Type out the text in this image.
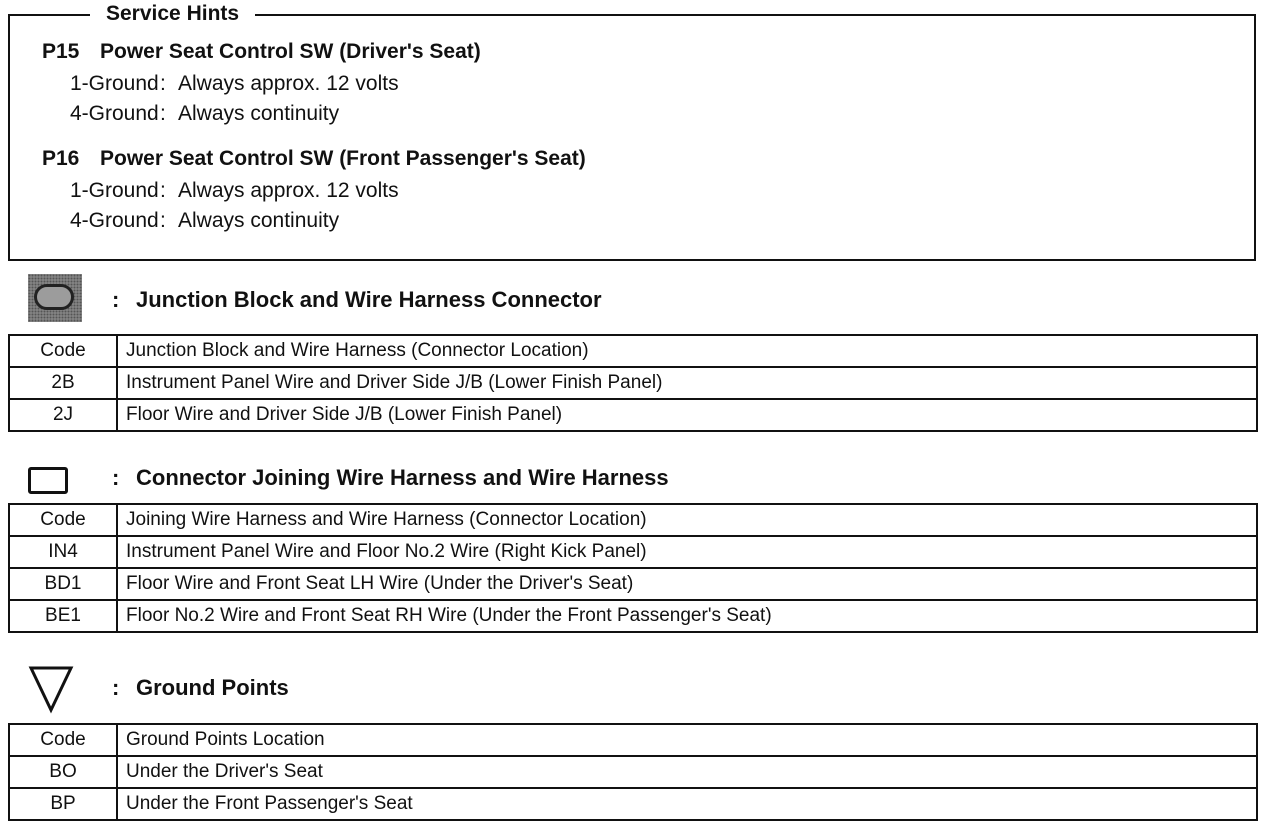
Service Hints
P15 Power Seat Control SW (Driver's Seat)
1-Ground: Always approx. 12 volts
4-Ground: Always continuity
P16 Power Seat Control SW (Front Passenger's Seat)
1-Ground: Always approx. 12 volts
4-Ground: Always continuity
: Junction Block and Wire Harness Connector
Code	Junction Block and Wire Harness (Connector Location)
2B	Instrument Panel Wire and Driver Side J/B (Lower Finish Panel)
2J	Floor Wire and Driver Side J/B (Lower Finish Panel)
: Connector Joining Wire Harness and Wire Harness
Code	Joining Wire Harness and Wire Harness (Connector Location)
IN4	Instrument Panel Wire and Floor No.2 Wire (Right Kick Panel)
BD1	Floor Wire and Front Seat LH Wire (Under the Driver's Seat)
BE1	Floor No.2 Wire and Front Seat RH Wire (Under the Front Passenger's Seat)
: Ground Points
Code	Ground Points Location
BO	Under the Driver's Seat
BP	Under the Front Passenger's Seat
